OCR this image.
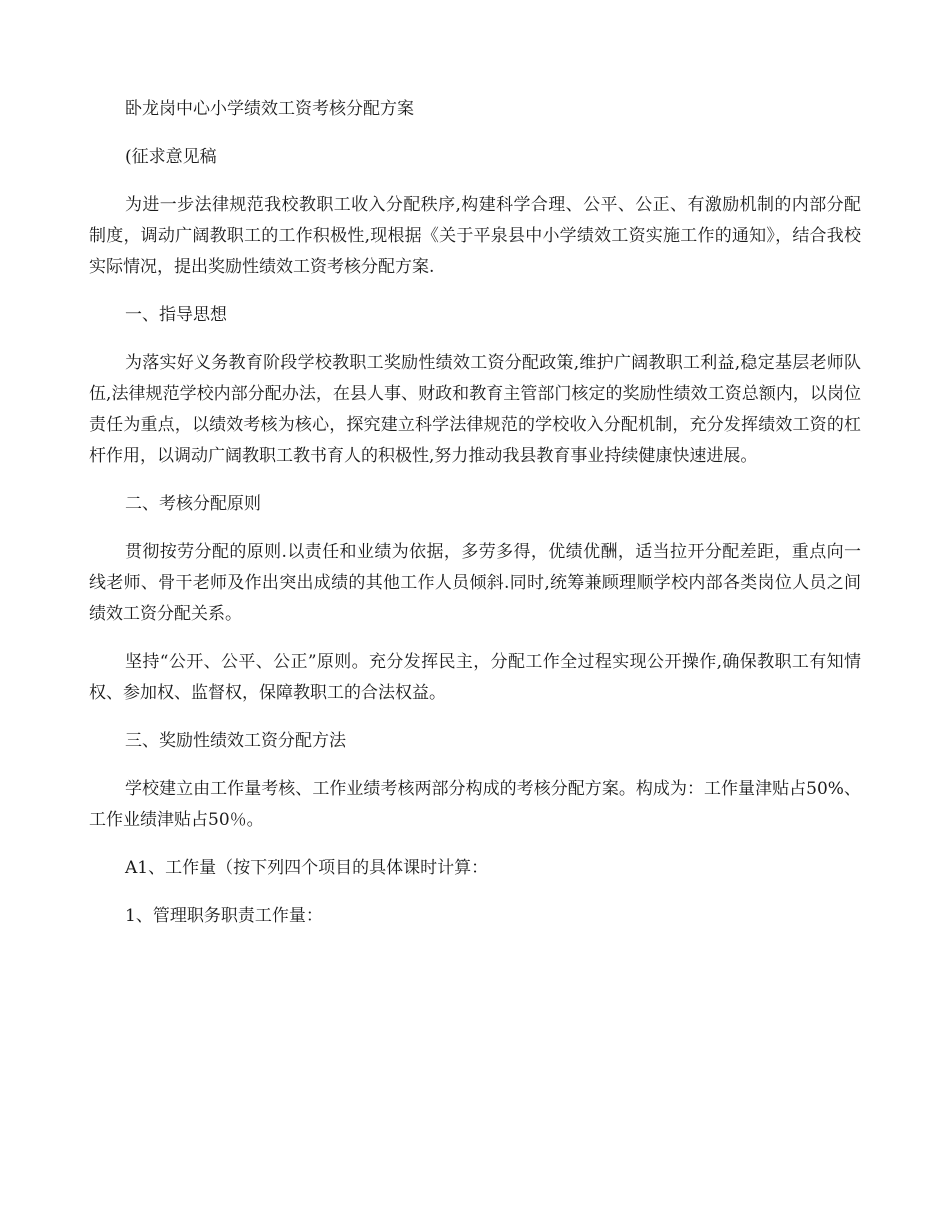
卧龙岗中心小学绩效工资考核分配方案

(征求意见稿

为进一步法律规范我校教职工收入分配秩序,构建科学合理、公平、公正、有激励机制的内部分配制度，调动广阔教职工的工作积极性,现根据《关于平泉县中小学绩效工资实施工作的通知》，结合我校实际情况，提出奖励性绩效工资考核分配方案.

一、指导思想

为落实好义务教育阶段学校教职工奖励性绩效工资分配政策,维护广阔教职工利益,稳定基层老师队伍,法律规范学校内部分配办法，在县人事、财政和教育主管部门核定的奖励性绩效工资总额内，以岗位责任为重点，以绩效考核为核心，探究建立科学法律规范的学校收入分配机制，充分发挥绩效工资的杠杆作用，以调动广阔教职工教书育人的积极性,努力推动我县教育事业持续健康快速进展。

二、考核分配原则

贯彻按劳分配的原则.以责任和业绩为依据，多劳多得，优绩优酬，适当拉开分配差距，重点向一线老师、骨干老师及作出突出成绩的其他工作人员倾斜.同时,统筹兼顾理顺学校内部各类岗位人员之间绩效工资分配关系。

坚持“公开、公平、公正”原则。充分发挥民主，分配工作全过程实现公开操作,确保教职工有知情权、参加权、监督权，保障教职工的合法权益。

三、奖励性绩效工资分配方法

学校建立由工作量考核、工作业绩考核两部分构成的考核分配方案。构成为：工作量津贴占50%、工作业绩津贴占50％。

A1、工作量（按下列四个项目的具体课时计算：

1、管理职务职责工作量：
